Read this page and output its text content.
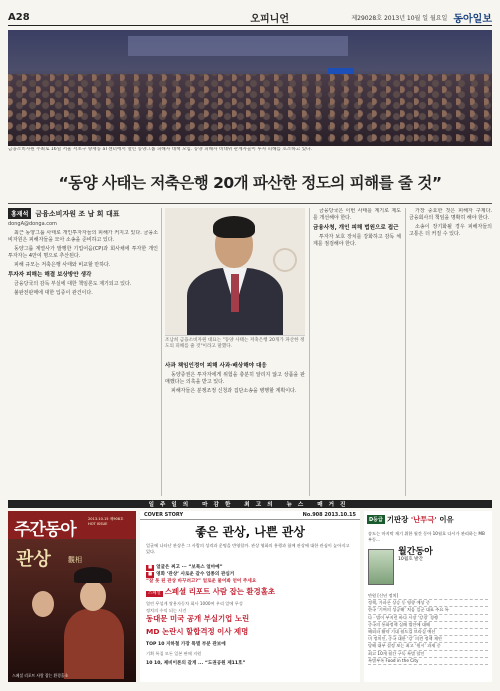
A28	오피니언	제29028호 2013년 10월 일 월요일 동아일보
금융소비자원 주최로 16일 서울 서초구 양재동 aT센터에서 열린 동양그룹 피해자 대책 모임. 동양 피해자 비대위 관계자들이 투자 피해를 호소하고 있다.
“동양 사태는 저축은행 20개 파산한 정도의 피해를 줄 것”
홍재석	금융소비자원 조 남 희 대표
dongA@donga.com

최근 동양그룹 사태로 개인투자자들의 피해가 커지고 있다. 금융소비자원은 피해자들을 모아 소송을 준비하고 있다.

동양그룹 계열사가 발행한 기업어음(CP)과 회사채에 투자한 개인투자자는 4만여 명으로 추산된다.

피해 규모는 저축은행 사태와 비교할 만하다.

투자자 피해는 해결 보상방안 생각

금융당국의 감독 부실에 대한 책임론도 제기되고 있다.

불완전판매에 대한 입증이 관건이다.

조남희 금융소비자원 대표는 "동양 사태는 저축은행 20개가 파산한 정도의 피해를 줄 것"이라고 말했다.

사과 책임인정이 피해 사과·배상해야 대응

동양증권은 투자자에게 위험을 충분히 알리지 않고 상품을 판매했다는 의혹을 받고 있다.

피해자들은 분쟁조정 신청과 집단소송을 병행할 계획이다.

금융당국은 이번 사태를 계기로 제도를 개선해야 한다.

금융사청, 개인 피해 법원으로 접근

투자자 보호 장치를 강화하고 감독 체계를 점검해야 한다.

가장 중요한 것은 피해자 구제다. 금융회사의 책임을 명확히 해야 한다.

소송이 장기화될 경우 피해자들의 고통은 더 커질 수 있다.

일주일의 마감한 최고의 뉴스 매거진
주간동아
2013.10.15 제908호 HOT ISSUE
관상 觀相
스페셜 리포트 사람 잡는 환경홀초
COVER STORY	No.908 2013.10.15
좋은 관상, 나쁜 관상
얼굴에 나타난 관상은 그 사람의 성격과 운명을 반영할까. 관상 영화의 흥행과 함께 관상에 대한 관심이 높아지고 있다.
■ 얼굴은 찌고 ··· “보톡스 얼마예”
■ 영화 ‘관상’ 사로운 갈수 업종의 관심거
“잘 못 된 관상 바꾸려고?” 얼로운 물어봐 얻어 주세요
스페셜 스페셜 리포트 사람 잡는 환경홀초
열린 무섭게 쌍용자동차 회사 1000여 우리 앞에 무성
정치의 수익 되는 사건
동대문 미국 공개 부실기업 노린
MD 논란시 할합격정 이사 제명
TOP 10 지하철 가장 특별 부분 관보에
기획 특집 모든 일본 판매 지원
10 10, 제비이론의 갈게 ... “도권공원 제11호”
D등급 기판장 '난투극' 이유
송도는 마지막 재기 위한 월간 동아 10월호 다시가 관리하는 MB 부동...
월간동아
10월호 발간
만원 [신년 정치]
정책, 가파른 상승 둥 영향 예상 중
한국 ‘기여의 성공해’ 처음 일군 대표 주요 특
다 · 법이 부지런 바다 시장 ‘강경’ 경쟁
중국의 통화정책 실패 법안에 대해
해외파 활약 기대 월드컵 브라질 예선
미 정치인, 중국 대한 ‘강’ 의견 정책 제안
당해 대부 결정 보는 최고 ‘원시’ 과제 중
최고 10개 월간 구독 특별 할인
특별부록 Food in the City
